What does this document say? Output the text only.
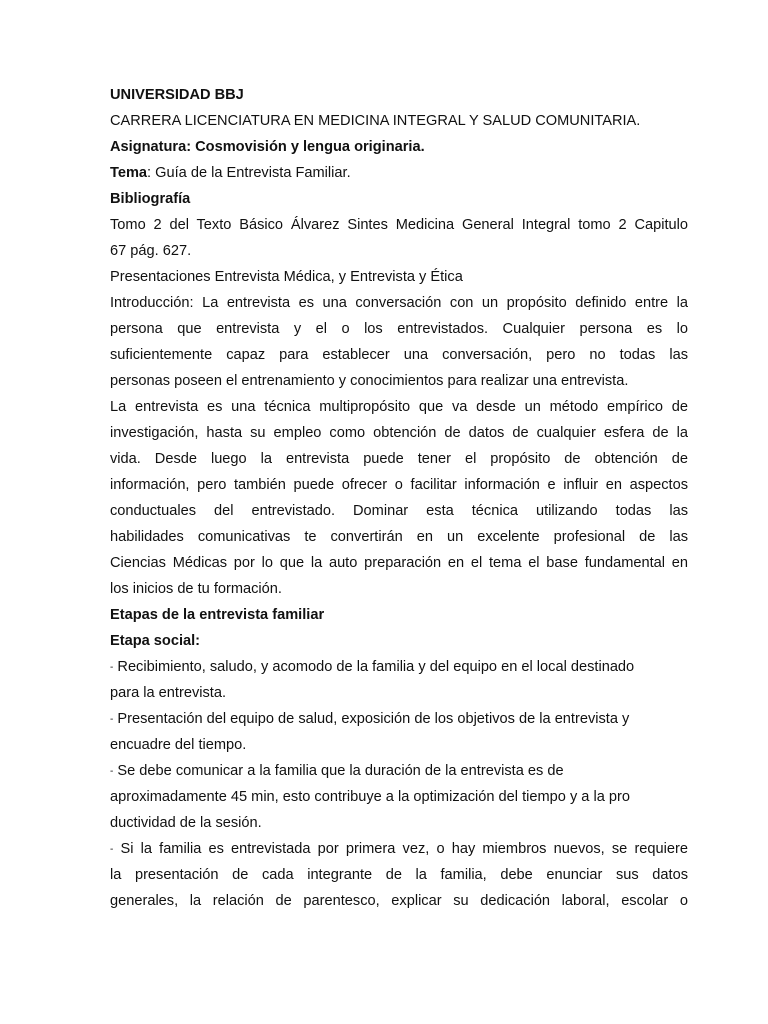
UNIVERSIDAD BBJ
CARRERA LICENCIATURA EN MEDICINA INTEGRAL Y SALUD COMUNITARIA.
Asignatura: Cosmovisión y lengua originaria.
Tema: Guía de la Entrevista Familiar.
Bibliografía
Tomo 2 del Texto Básico Álvarez Sintes Medicina General Integral tomo 2 Capitulo
67 pág. 627.
Presentaciones Entrevista Médica, y Entrevista y Ética
Introducción: La entrevista es una conversación con un propósito definido entre la
persona que entrevista y el o los entrevistados. Cualquier persona es lo
suficientemente capaz para establecer una conversación, pero no todas las
personas poseen el entrenamiento y conocimientos para realizar una entrevista.
La entrevista es una técnica multipropósito que va desde un método empírico de
investigación, hasta su empleo como obtención de datos de cualquier esfera de la
vida. Desde luego la entrevista puede tener el propósito de obtención de
información, pero también puede ofrecer o facilitar información e influir en aspectos
conductuales del entrevistado. Dominar esta técnica utilizando todas las
habilidades comunicativas te convertirán en un excelente profesional de las
Ciencias Médicas por lo que la auto preparación en el tema el base fundamental en
los inicios de tu formación.
Etapas de la entrevista familiar
Etapa social:
- Recibimiento, saludo, y acomodo de la familia y del equipo en el local destinado
para la entrevista.
- Presentación del equipo de salud, exposición de los objetivos de la entrevista y
encuadre del tiempo.
- Se debe comunicar a la familia que la duración de la entrevista es de
aproximadamente 45 min, esto contribuye a la optimización del tiempo y a la pro
ductividad de la sesión.
- Si la familia es entrevistada por primera vez, o hay miembros nuevos, se requiere
la presentación de cada integrante de la familia, debe enunciar sus datos
generales, la relación de parentesco, explicar su dedicación laboral, escolar o
